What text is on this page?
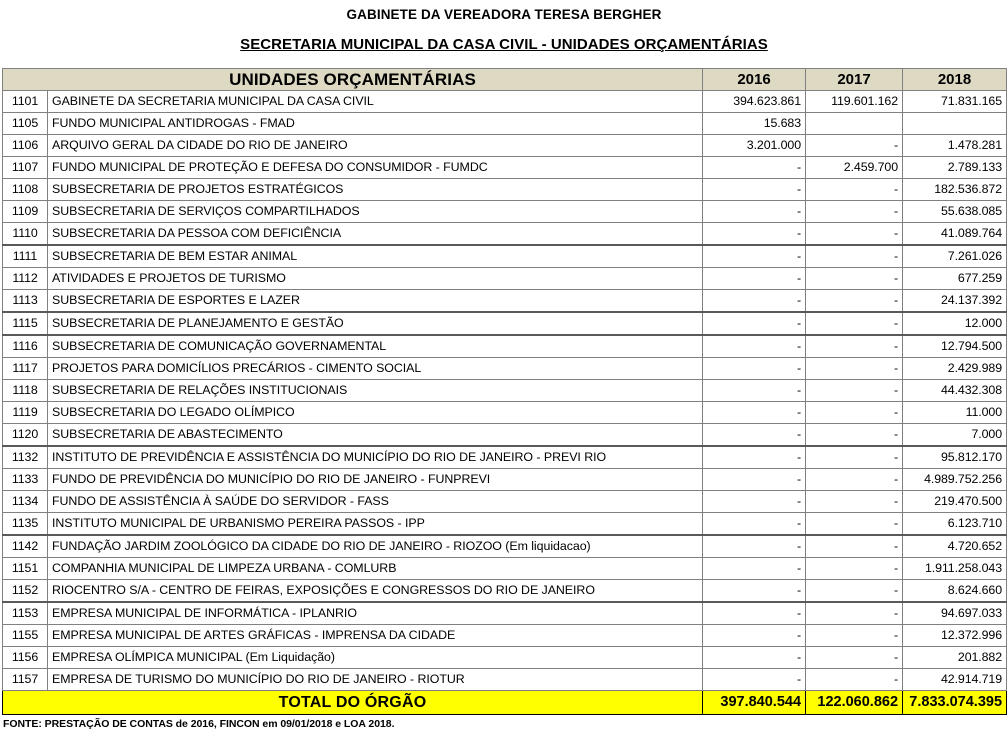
GABINETE DA VEREADORA TERESA BERGHER
SECRETARIA MUNICIPAL DA CASA CIVIL - UNIDADES ORÇAMENTÁRIAS
UNIDADES ORÇAMENTÁRIAS		2016	2017	2018
1101	GABINETE DA SECRETARIA MUNICIPAL DA CASA CIVIL	394.623.861	119.601.162	71.831.165
1105	FUNDO MUNICIPAL ANTIDROGAS - FMAD	15.683		
1106	ARQUIVO GERAL DA CIDADE DO RIO DE JANEIRO	3.201.000	-	1.478.281
1107	FUNDO MUNICIPAL DE PROTEÇÃO E DEFESA DO CONSUMIDOR - FUMDC	-	2.459.700	2.789.133
1108	SUBSECRETARIA DE PROJETOS ESTRATÉGICOS	-	-	182.536.872
1109	SUBSECRETARIA DE SERVIÇOS COMPARTILHADOS	-	-	55.638.085
1110	SUBSECRETARIA DA PESSOA COM DEFICIÊNCIA	-	-	41.089.764
1111	SUBSECRETARIA DE BEM ESTAR ANIMAL	-	-	7.261.026
1112	ATIVIDADES E PROJETOS DE TURISMO	-	-	677.259
1113	SUBSECRETARIA DE ESPORTES E LAZER	-	-	24.137.392
1115	SUBSECRETARIA DE PLANEJAMENTO E GESTÃO	-	-	12.000
1116	SUBSECRETARIA DE COMUNICAÇÃO GOVERNAMENTAL	-	-	12.794.500
1117	PROJETOS PARA DOMICÍLIOS PRECÁRIOS - CIMENTO SOCIAL	-	-	2.429.989
1118	SUBSECRETARIA DE RELAÇÕES INSTITUCIONAIS	-	-	44.432.308
1119	SUBSECRETARIA DO LEGADO OLÍMPICO	-	-	11.000
1120	SUBSECRETARIA DE ABASTECIMENTO	-	-	7.000
1132	INSTITUTO DE PREVIDÊNCIA E ASSISTÊNCIA DO MUNICÍPIO DO RIO DE JANEIRO - PREVI RIO	-	-	95.812.170
1133	FUNDO DE PREVIDÊNCIA DO MUNICÍPIO DO RIO DE JANEIRO - FUNPREVI	-	-	4.989.752.256
1134	FUNDO DE ASSISTÊNCIA À SAÚDE DO SERVIDOR - FASS	-	-	219.470.500
1135	INSTITUTO MUNICIPAL DE URBANISMO PEREIRA PASSOS - IPP	-	-	6.123.710
1142	FUNDAÇÃO JARDIM ZOOLÓGICO DA CIDADE DO RIO DE JANEIRO - RIOZOO (Em liquidacao)	-	-	4.720.652
1151	COMPANHIA MUNICIPAL DE LIMPEZA URBANA - COMLURB	-	-	1.911.258.043
1152	RIOCENTRO S/A - CENTRO DE FEIRAS, EXPOSIÇÕES E CONGRESSOS DO RIO DE JANEIRO	-	-	8.624.660
1153	EMPRESA MUNICIPAL DE INFORMÁTICA - IPLANRIO	-	-	94.697.033
1155	EMPRESA MUNICIPAL DE ARTES GRÁFICAS - IMPRENSA DA CIDADE	-	-	12.372.996
1156	EMPRESA OLÍMPICA MUNICIPAL (Em Liquidação)	-	-	201.882
1157	EMPRESA DE TURISMO DO MUNICÍPIO DO RIO DE JANEIRO - RIOTUR	-	-	42.914.719
TOTAL DO ÓRGÃO		397.840.544	122.060.862	7.833.074.395
FONTE: PRESTAÇÃO DE CONTAS de 2016, FINCON em 09/01/2018 e LOA 2018.
